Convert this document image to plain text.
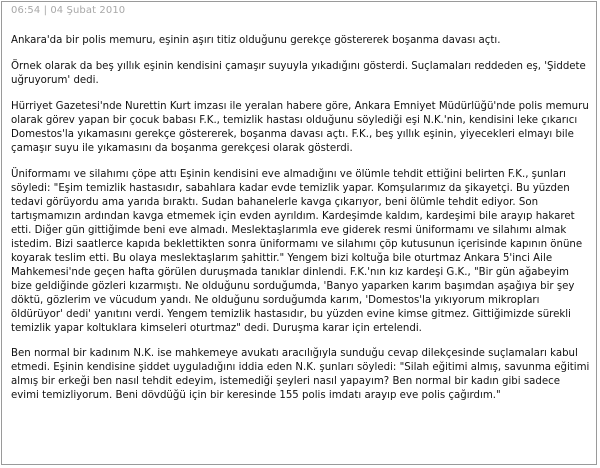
06:54 | 04 Şubat 2010

Ankara'da bir polis memuru, eşinin aşırı titiz olduğunu gerekçe göstererek boşanma davası açtı.

Örnek olarak da beş yıllık eşinin kendisini çamaşır suyuyla yıkadığını gösterdi. Suçlamaları reddeden eş, 'Şiddete uğruyorum' dedi.

Hürriyet Gazetesi'nde Nurettin Kurt imzası ile yeralan habere göre, Ankara Emniyet Müdürlüğü'nde polis memuru olarak görev yapan bir çocuk babası F.K., temizlik hastası olduğunu söylediği eşi N.K.'nin, kendisini leke çıkarıcı Domestos'la yıkamasını gerekçe göstererek, boşanma davası açtı. F.K., beş yıllık eşinin, yiyecekleri elmayı bile çamaşır suyu ile yıkamasını da boşanma gerekçesi olarak gösterdi.

Üniformamı ve silahımı çöpe attı Eşinin kendisini eve almadığını ve ölümle tehdit ettiğini belirten F.K., şunları söyledi: "Eşim temizlik hastasıdır, sabahlara kadar evde temizlik yapar. Komşularımız da şikayetçi. Bu yüzden tedavi görüyordu ama yarıda bıraktı. Sudan bahanelerle kavga çıkarıyor, beni ölümle tehdit ediyor. Son tartışmamızın ardından kavga etmemek için evden ayrıldım. Kardeşimde kaldım, kardeşimi bile arayıp hakaret etti. Diğer gün gittiğimde beni eve almadı. Meslektaşlarımla eve giderek resmi üniformamı ve silahımı almak istedim. Bizi saatlerce kapıda beklettikten sonra üniformamı ve silahımı çöp kutusunun içerisinde kapının önüne koyarak teslim etti. Bu olaya meslektaşlarım şahittir." Yengem bizi koltuğa bile oturtmaz Ankara 5'inci Aile Mahkemesi'nde geçen hafta görülen duruşmada tanıklar dinlendi. F.K.'nın kız kardeşi G.K., "Bir gün ağabeyim bize geldiğinde gözleri kızarmıştı. Ne olduğunu sorduğumda, 'Banyo yaparken karım başımdan aşağıya bir şey döktü, gözlerim ve vücudum yandı. Ne olduğunu sorduğumda karım, 'Domestos'la yıkıyorum mikropları öldürüyor' dedi' yanıtını verdi. Yengem temizlik hastasıdır, bu yüzden evine kimse gitmez. Gittiğimizde sürekli temizlik yapar koltuklara kimseleri oturtmaz" dedi. Duruşma karar için ertelendi.

Ben normal bir kadınım N.K. ise mahkemeye avukatı aracılığıyla sunduğu cevap dilekçesinde suçlamaları kabul etmedi. Eşinin kendisine şiddet uyguladığını iddia eden N.K. şunları söyledi: "Silah eğitimi almış, savunma eğitimi almış bir erkeği ben nasıl tehdit edeyim, istemediği şeyleri nasıl yapayım? Ben normal bir kadın gibi sadece evimi temizliyorum. Beni dövdüğü için bir keresinde 155 polis imdatı arayıp eve polis çağırdım."
